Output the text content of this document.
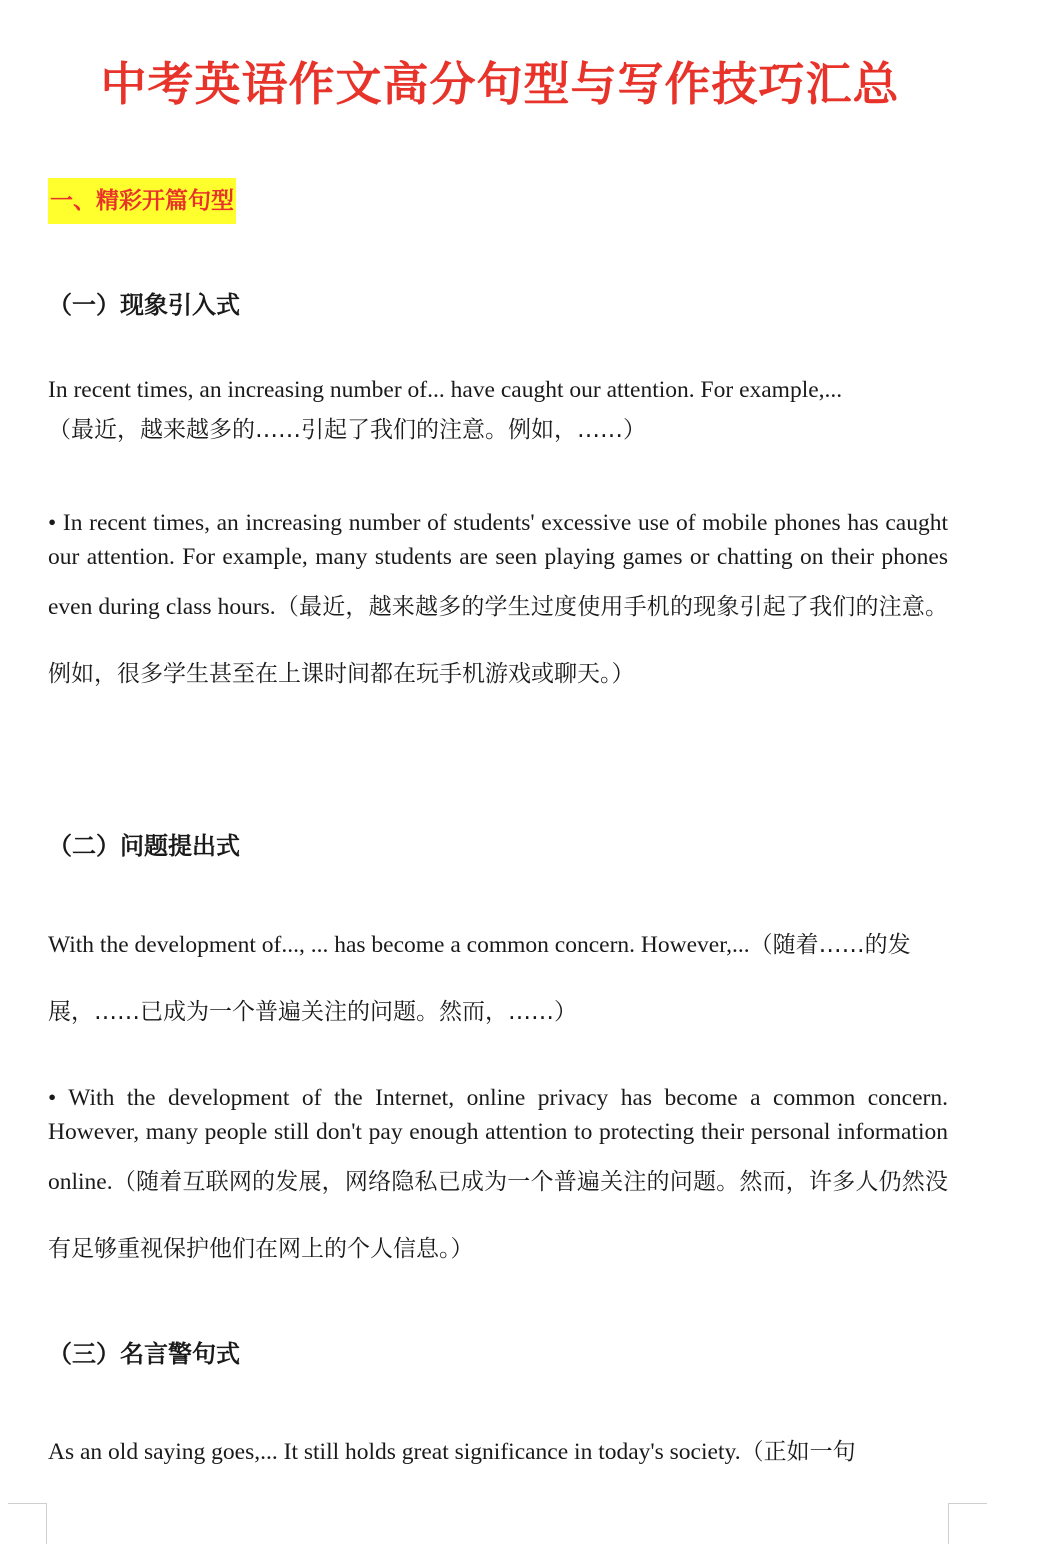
中考英语作文高分句型与写作技巧汇总
一、精彩开篇句型
（一）现象引入式

In recent times, an increasing number of... have caught our attention. For example,...
（最近，越来越多的……引起了我们的注意。例如，……）

• In recent times, an increasing number of students' excessive use of mobile phones has caught our attention. For example, many students are seen playing games or chatting on their phones even during class hours.（最近，越来越多的学生过度使用手机的现象引起了我们的注意。例如，很多学生甚至在上课时间都在玩手机游戏或聊天。）

（二）问题提出式

With the development of..., ... has become a common concern. However,...（随着……的发展，……已成为一个普遍关注的问题。然而，……）

• With the development of the Internet, online privacy has become a common concern. However, many people still don't pay enough attention to protecting their personal information online.（随着互联网的发展，网络隐私已成为一个普遍关注的问题。然而，许多人仍然没有足够重视保护他们在网上的个人信息。）

（三）名言警句式

As an old saying goes,... It still holds great significance in today's society.（正如一句
